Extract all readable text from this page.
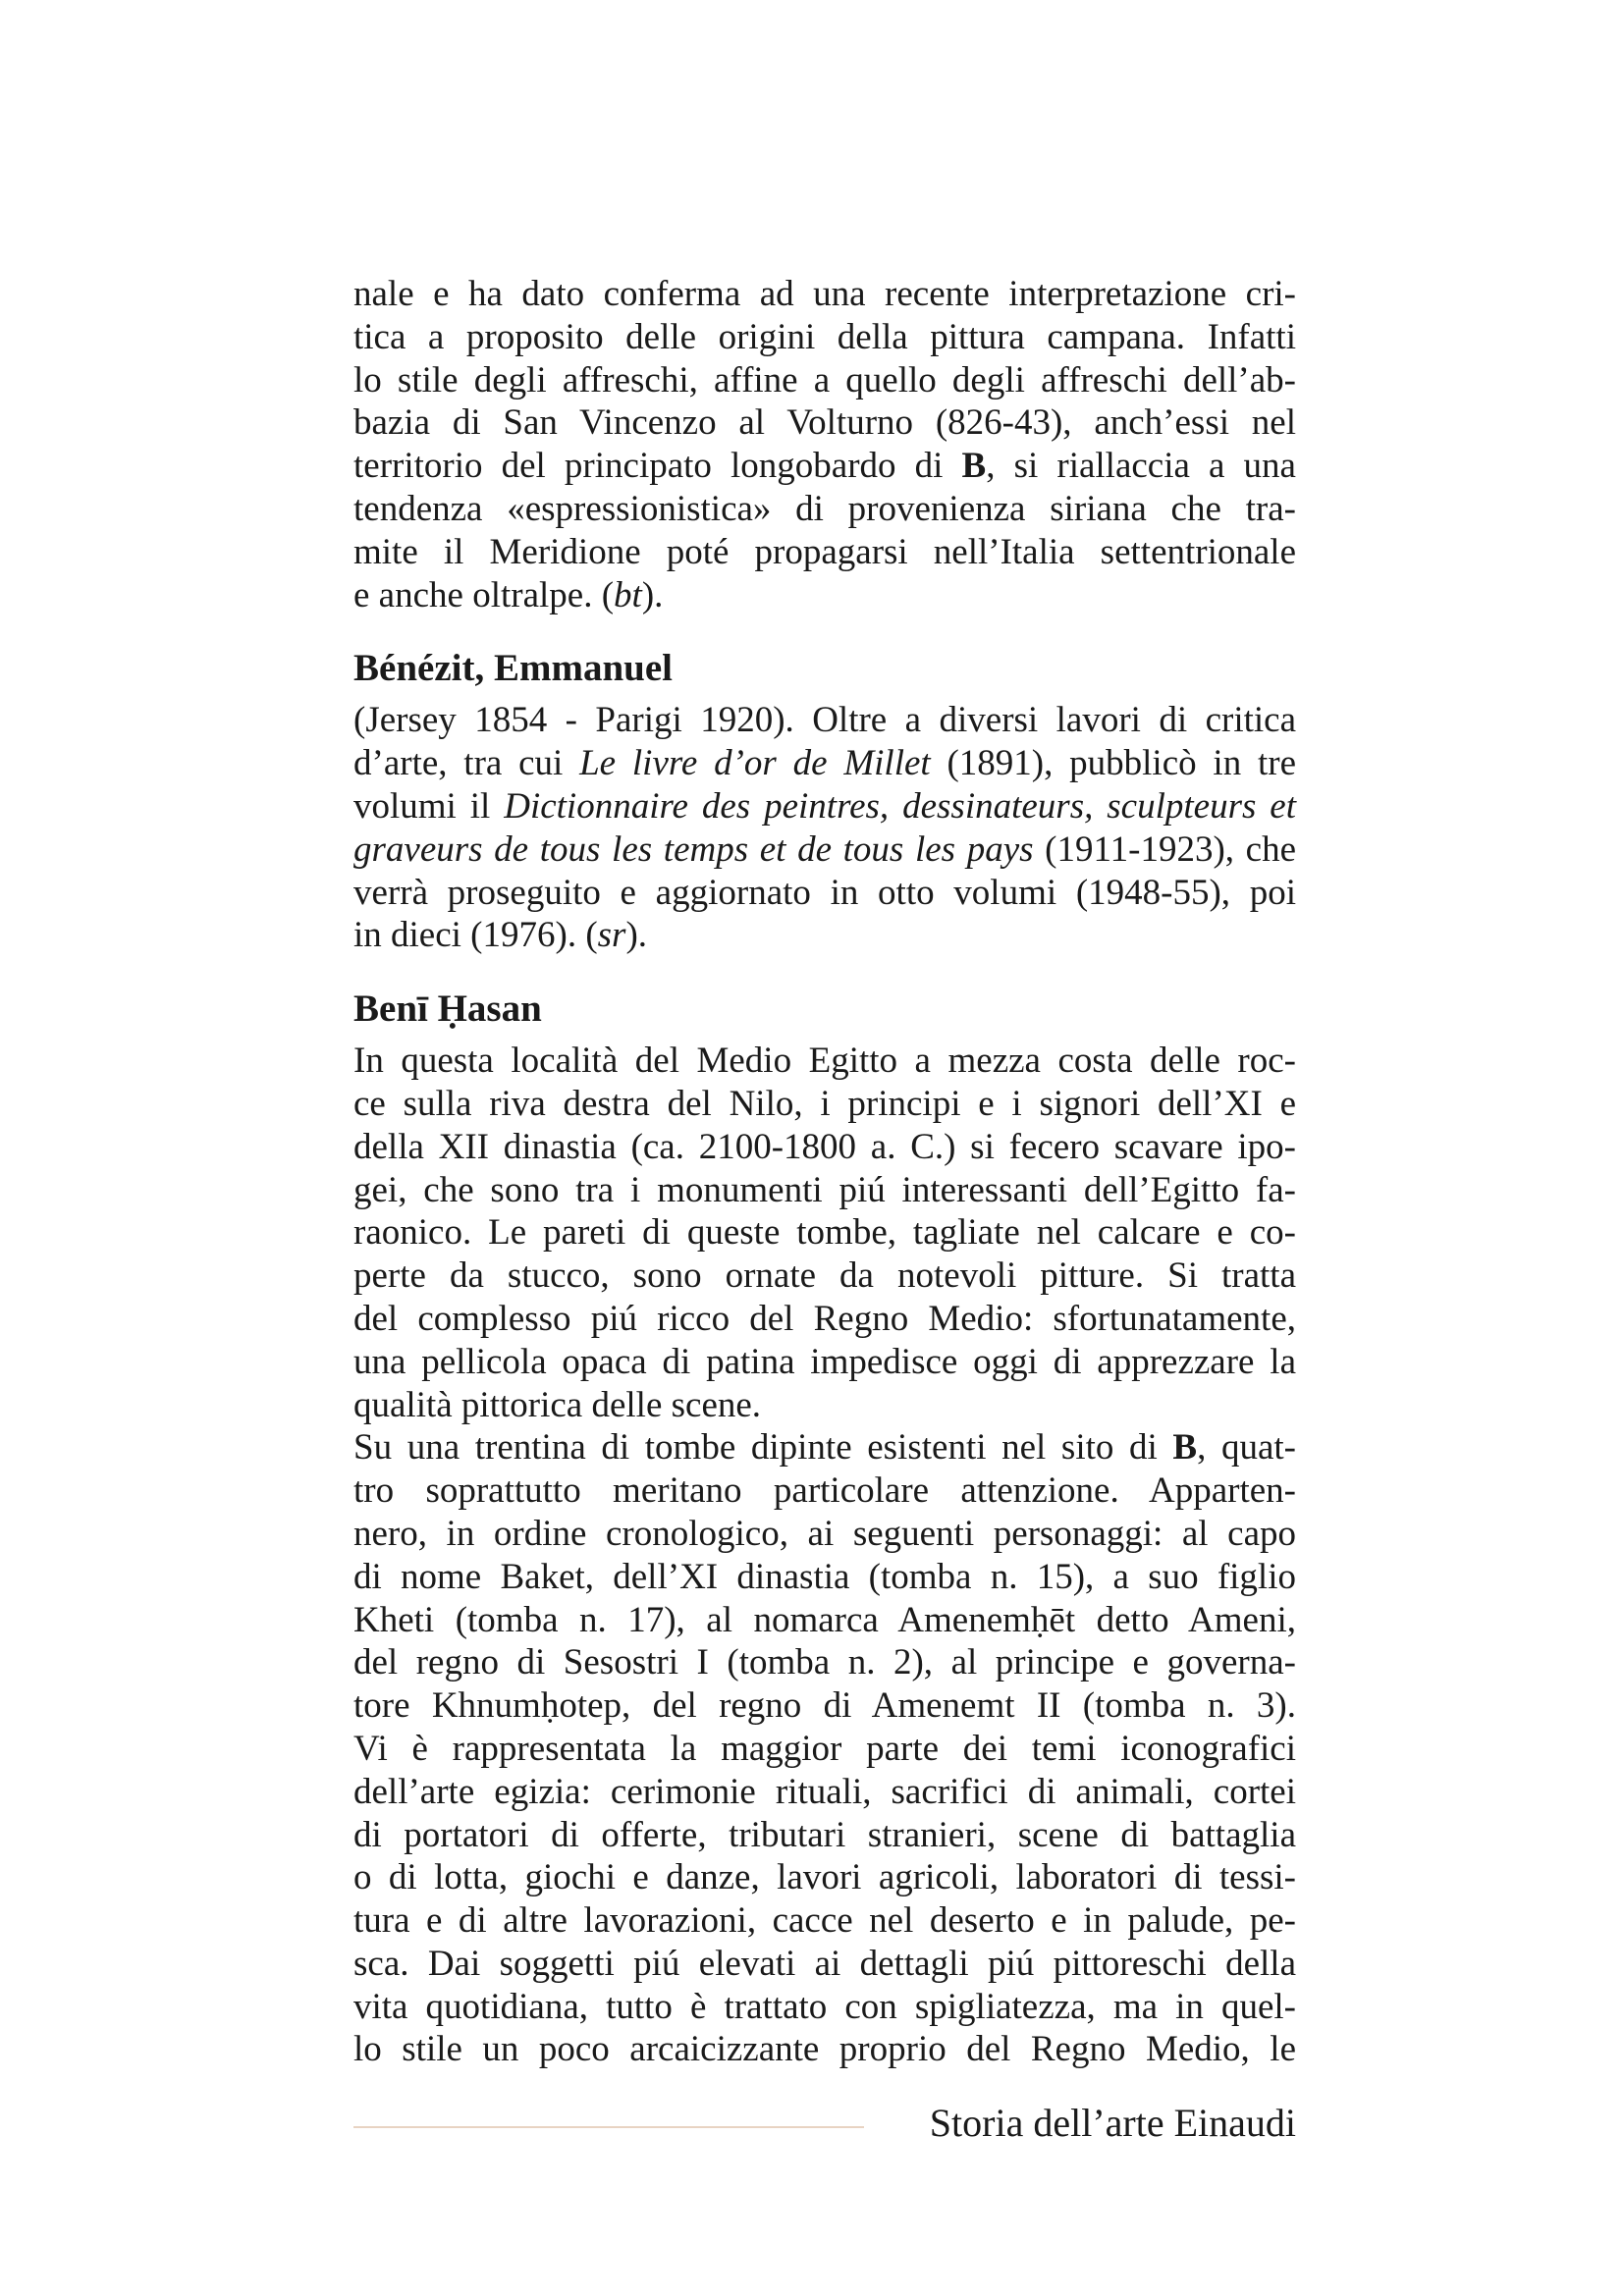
nale e ha dato conferma ad una recente interpretazione cri-
tica a proposito delle origini della pittura campana. Infatti
lo stile degli affreschi, affine a quello degli affreschi dell’ab-
bazia di San Vincenzo al Volturno (826-43), anch’essi nel
territorio del principato longobardo di B, si riallaccia a una
tendenza «espressionistica» di provenienza siriana che tra-
mite il Meridione poté propagarsi nell’Italia settentrionale
e anche oltralpe. (bt).
Bénézit, Emmanuel
(Jersey 1854 - Parigi 1920). Oltre a diversi lavori di critica
d’arte, tra cui Le livre d’or de Millet (1891), pubblicò in tre
volumi il Dictionnaire des peintres, dessinateurs, sculpteurs et
graveurs de tous les temps et de tous les pays (1911-1923), che
verrà proseguito e aggiornato in otto volumi (1948-55), poi
in dieci (1976). (sr).
Benī Ḥasan
In questa località del Medio Egitto a mezza costa delle roc-
ce sulla riva destra del Nilo, i principi e i signori dell’XI e
della XII dinastia (ca. 2100-1800 a. C.) si fecero scavare ipo-
gei, che sono tra i monumenti piú interessanti dell’Egitto fa-
raonico. Le pareti di queste tombe, tagliate nel calcare e co-
perte da stucco, sono ornate da notevoli pitture. Si tratta
del complesso piú ricco del Regno Medio: sfortunatamente,
una pellicola opaca di patina impedisce oggi di apprezzare la
qualità pittorica delle scene.
Su una trentina di tombe dipinte esistenti nel sito di B, quat-
tro soprattutto meritano particolare attenzione. Apparten-
nero, in ordine cronologico, ai seguenti personaggi: al capo
di nome Baket, dell’XI dinastia (tomba n. 15), a suo figlio
Kheti (tomba n. 17), al nomarca Amenemḥēt detto Ameni,
del regno di Sesostri I (tomba n. 2), al principe e governa-
tore Khnumḥotep, del regno di Amenemt II (tomba n. 3).
Vi è rappresentata la maggior parte dei temi iconografici
dell’arte egizia: cerimonie rituali, sacrifici di animali, cortei
di portatori di offerte, tributari stranieri, scene di battaglia
o di lotta, giochi e danze, lavori agricoli, laboratori di tessi-
tura e di altre lavorazioni, cacce nel deserto e in palude, pe-
sca. Dai soggetti piú elevati ai dettagli piú pittoreschi della
vita quotidiana, tutto è trattato con spigliatezza, ma in quel-
lo stile un poco arcaicizzante proprio del Regno Medio, le
Storia dell’arte Einaudi
